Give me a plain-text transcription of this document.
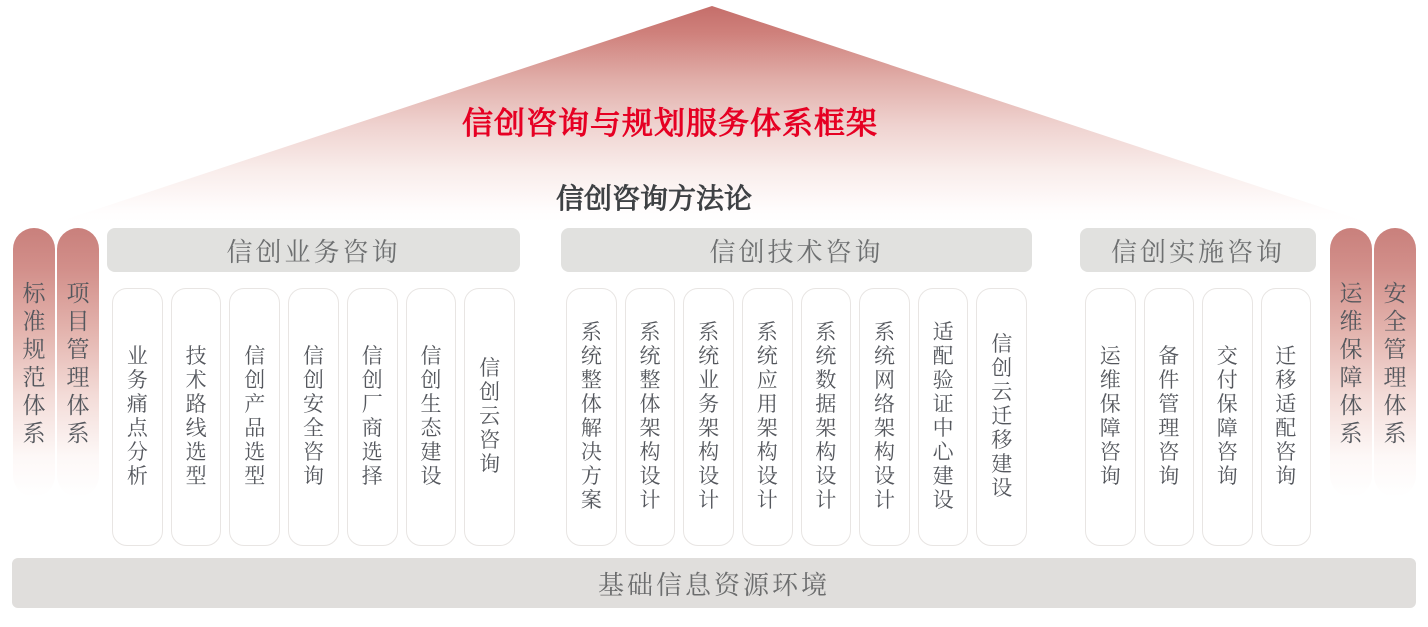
信创咨询与规划服务体系框架
信创咨询方法论
标
准
规
范
体
系
项
目
管
理
体
系
运
维
保
障
体
系
安
全
管
理
体
系
信创业务咨询
业
务
痛
点
分
析
技
术
路
线
选
型
信
创
产
品
选
型
信
创
安
全
咨
询
信
创
厂
商
选
择
信
创
生
态
建
设
信
创
云
咨
询
信创技术咨询
系
统
整
体
解
决
方
案
系
统
整
体
架
构
设
计
系
统
业
务
架
构
设
计
系
统
应
用
架
构
设
计
系
统
数
据
架
构
设
计
系
统
网
络
架
构
设
计
适
配
验
证
中
心
建
设
信
创
云
迁
移
建
设
信创实施咨询
运
维
保
障
咨
询
备
件
管
理
咨
询
交
付
保
障
咨
询
迁
移
适
配
咨
询
基础信息资源环境
